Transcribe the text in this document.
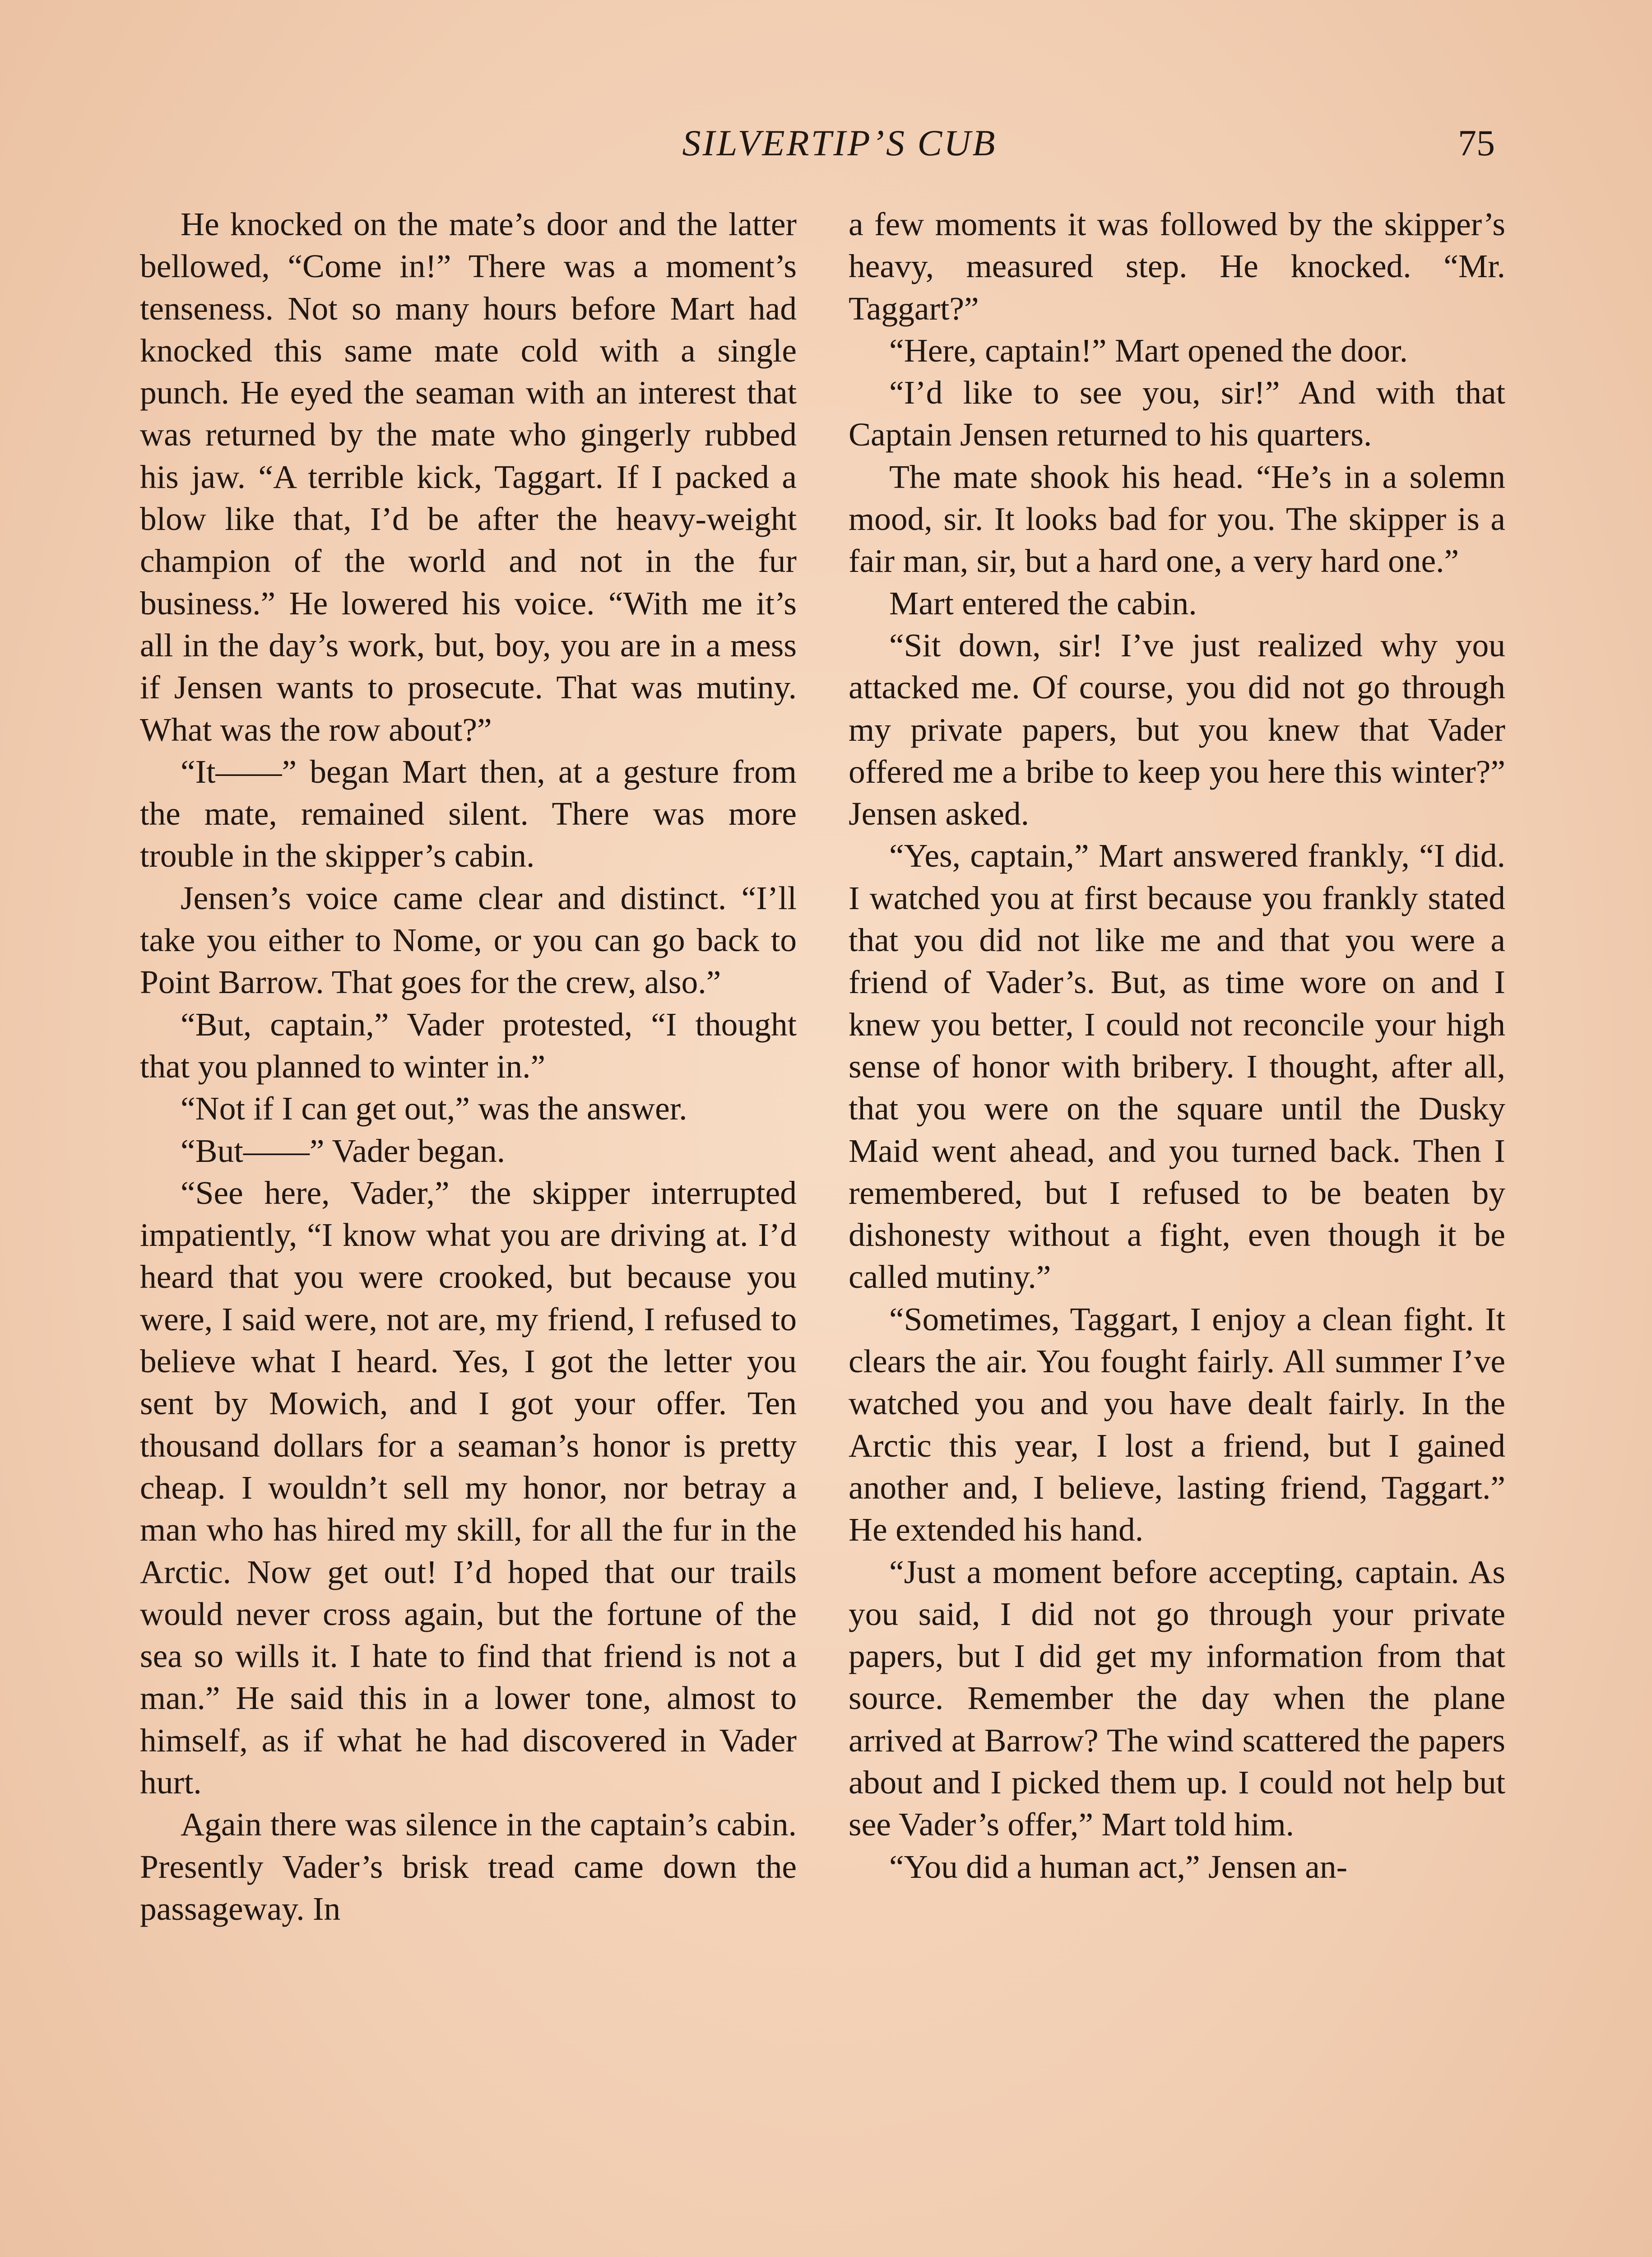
SILVERTIP’S CUB	75

He knocked on the mate’s door and the latter bellowed, “Come in!” There was a moment’s tenseness. Not so many hours before Mart had knocked this same mate cold with a single punch. He eyed the seaman with an interest that was returned by the mate who gingerly rubbed his jaw. “A terrible kick, Taggart. If I packed a blow like that, I’d be after the heavy-weight champion of the world and not in the fur business.” He lowered his voice. “With me it’s all in the day’s work, but, boy, you are in a mess if Jensen wants to prosecute. That was mutiny. What was the row about?”

“It——” began Mart then, at a gesture from the mate, remained silent. There was more trouble in the skipper’s cabin.

Jensen’s voice came clear and distinct. “I’ll take you either to Nome, or you can go back to Point Barrow. That goes for the crew, also.”

“But, captain,” Vader protested, “I thought that you planned to winter in.”

“Not if I can get out,” was the answer.

“But——” Vader began.

“See here, Vader,” the skipper interrupted impatiently, “I know what you are driving at. I’d heard that you were crooked, but because you were, I said were, not are, my friend, I refused to believe what I heard. Yes, I got the letter you sent by Mowich, and I got your offer. Ten thousand dollars for a seaman’s honor is pretty cheap. I wouldn’t sell my honor, nor betray a man who has hired my skill, for all the fur in the Arctic. Now get out! I’d hoped that our trails would never cross again, but the fortune of the sea so wills it. I hate to find that friend is not a man.” He said this in a lower tone, almost to himself, as if what he had discovered in Vader hurt.

Again there was silence in the captain’s cabin. Presently Vader’s brisk tread came down the passageway. In

a few moments it was followed by the skipper’s heavy, measured step. He knocked. “Mr. Taggart?”

“Here, captain!” Mart opened the door.

“I’d like to see you, sir!” And with that Captain Jensen returned to his quarters.

The mate shook his head. “He’s in a solemn mood, sir. It looks bad for you. The skipper is a fair man, sir, but a hard one, a very hard one.”

Mart entered the cabin.

“Sit down, sir! I’ve just realized why you attacked me. Of course, you did not go through my private papers, but you knew that Vader offered me a bribe to keep you here this winter?” Jensen asked.

“Yes, captain,” Mart answered frankly, “I did. I watched you at first because you frankly stated that you did not like me and that you were a friend of Vader’s. But, as time wore on and I knew you better, I could not reconcile your high sense of honor with bribery. I thought, after all, that you were on the square until the Dusky Maid went ahead, and you turned back. Then I remembered, but I refused to be beaten by dishonesty without a fight, even though it be called mutiny.”

“Sometimes, Taggart, I enjoy a clean fight. It clears the air. You fought fairly. All summer I’ve watched you and you have dealt fairly. In the Arctic this year, I lost a friend, but I gained another and, I believe, lasting friend, Taggart.” He extended his hand.

“Just a moment before accepting, captain. As you said, I did not go through your private papers, but I did get my information from that source. Remember the day when the plane arrived at Barrow? The wind scattered the papers about and I picked them up. I could not help but see Vader’s offer,” Mart told him.

“You did a human act,” Jensen an-
